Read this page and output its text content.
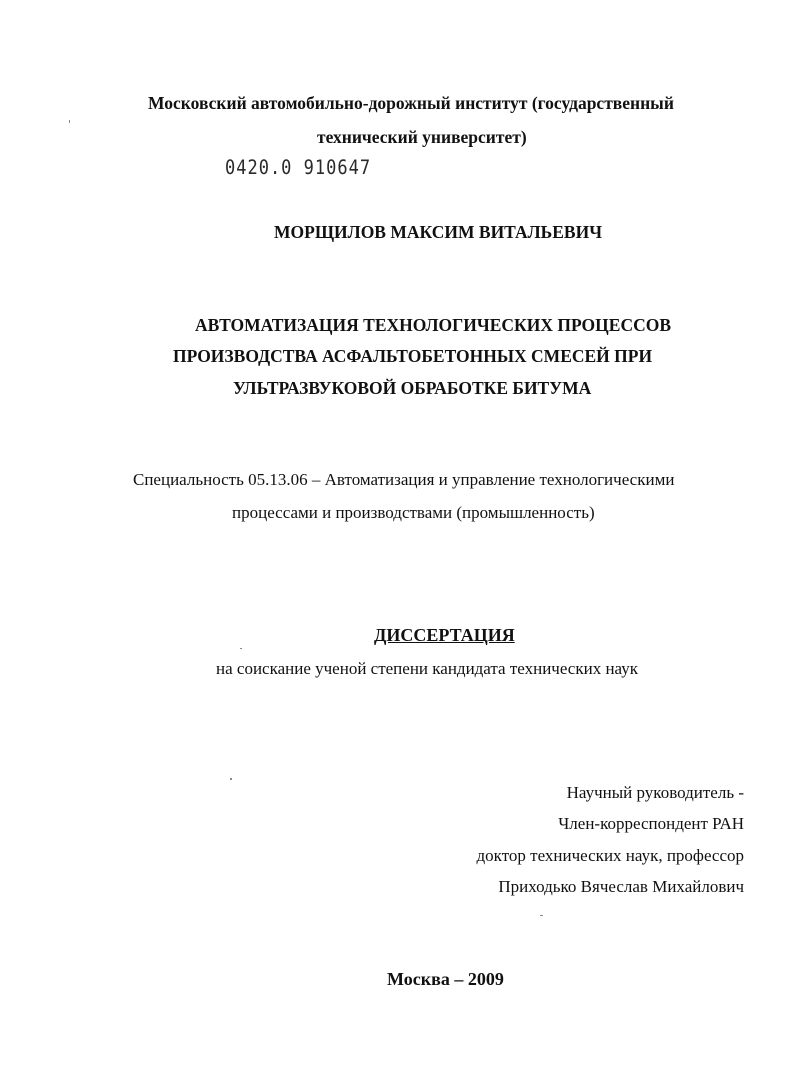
Московский автомобильно-дорожный институт (государственный
технический университет)
0420.0 910647
МОРЩИЛОВ МАКСИМ ВИТАЛЬЕВИЧ
АВТОМАТИЗАЦИЯ ТЕХНОЛОГИЧЕСКИХ ПРОЦЕССОВ
ПРОИЗВОДСТВА АСФАЛЬТОБЕТОННЫХ СМЕСЕЙ ПРИ
УЛЬТРАЗВУКОВОЙ ОБРАБОТКЕ БИТУМА
Специальность 05.13.06 – Автоматизация и управление технологическими
процессами и производствами (промышленность)
ДИССЕРТАЦИЯ
на соискание ученой степени кандидата технических наук
Научный руководитель -
Член-корреспондент РАН
доктор технических наук, профессор
Приходько Вячеслав Михайлович
Москва – 2009
